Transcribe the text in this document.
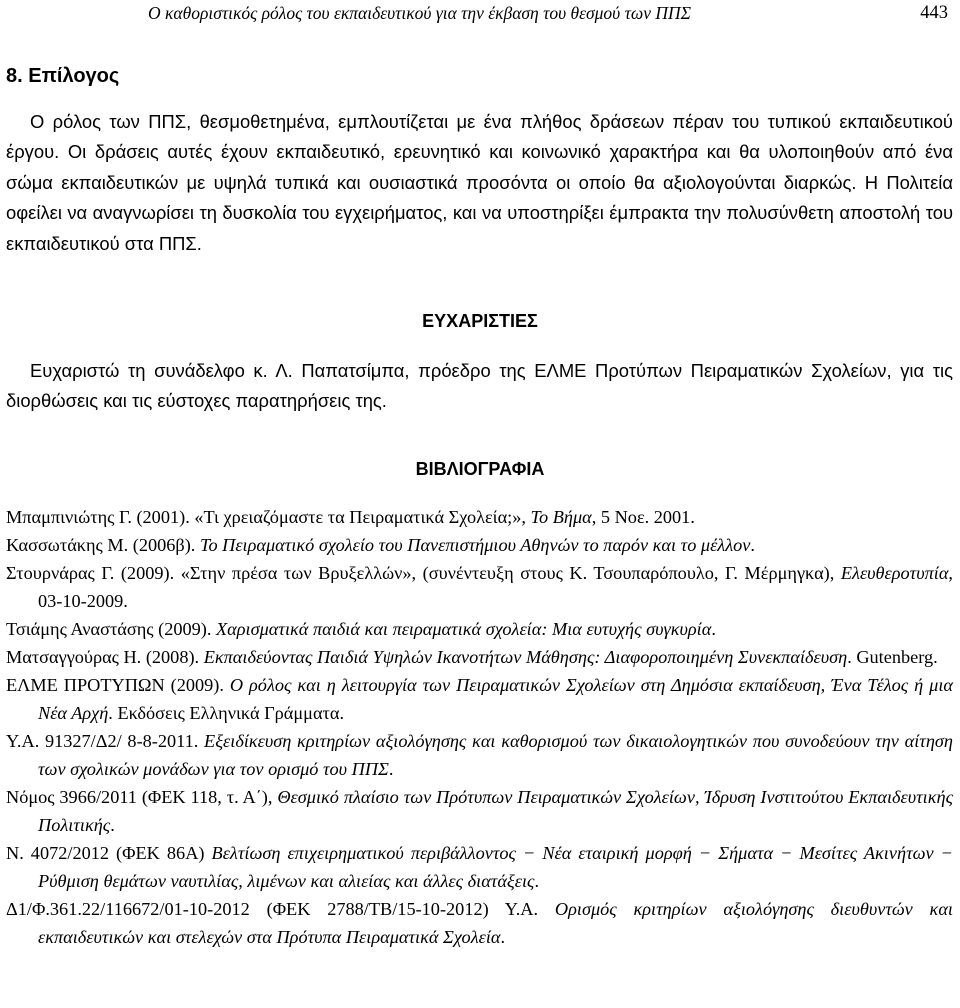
Ο καθοριστικός ρόλος του εκπαιδευτικού για την έκβαση του θεσμού των ΠΠΣ	443
8. Επίλογος
Ο ρόλος των ΠΠΣ, θεσμοθετημένα, εμπλουτίζεται με ένα πλήθος δράσεων πέραν του τυπικού εκπαιδευτικού έργου. Οι δράσεις αυτές έχουν εκπαιδευτικό, ερευνητικό και κοινωνικό χαρακτήρα και θα υλοποιηθούν από ένα σώμα εκπαιδευτικών με υψηλά τυπικά και ουσιαστικά προσόντα οι οποίο θα αξιολογούνται διαρκώς. Η Πολιτεία οφείλει να αναγνωρίσει τη δυσκολία του εγχειρήματος, και να υποστηρίξει έμπρακτα την πολυσύνθετη αποστολή του εκπαιδευτικού στα ΠΠΣ.
ΕΥΧΑΡΙΣΤΙΕΣ
Ευχαριστώ τη συνάδελφο κ. Λ. Παπατσίμπα, πρόεδρο της ΕΛΜΕ Προτύπων Πειραματικών Σχολείων, για τις διορθώσεις και τις εύστοχες παρατηρήσεις της.
ΒΙΒΛΙΟΓΡΑΦΙΑ
Μπαμπινιώτης Γ. (2001). «Τι χρειαζόμαστε τα Πειραματικά Σχολεία;», Το Βήμα, 5 Νοε. 2001.
Κασσωτάκης Μ. (2006β). Το Πειραματικό σχολείο του Πανεπιστήμιου Αθηνών το παρόν και το μέλλον.
Στουρνάρας Γ. (2009). «Στην πρέσα των Βρυξελλών», (συνέντευξη στους Κ. Τσουπαρόπουλο, Γ. Μέρμηγκα), Ελευθεροτυπία, 03-10-2009.
Τσιάμης Αναστάσης (2009). Χαρισματικά παιδιά και πειραματικά σχολεία: Μια ευτυχής συγκυρία.
Ματσαγγούρας Η. (2008). Εκπαιδεύοντας Παιδιά Υψηλών Ικανοτήτων Μάθησης: Διαφοροποιημένη Συνεκπαίδευση. Gutenberg.
ΕΛΜΕ ΠΡΟΤΥΠΩΝ (2009). Ο ρόλος και η λειτουργία των Πειραματικών Σχολείων στη Δημόσια εκπαίδευση, Ένα Τέλος ή μια Νέα Αρχή. Εκδόσεις Ελληνικά Γράμματα.
Υ.Α. 91327/Δ2/ 8-8-2011. Εξειδίκευση κριτηρίων αξιολόγησης και καθορισμού των δικαιολογητικών που συνοδεύουν την αίτηση των σχολικών μονάδων για τον ορισμό του ΠΠΣ.
Νόμος 3966/2011 (ΦΕΚ 118, τ. Α΄), Θεσμικό πλαίσιο των Πρότυπων Πειραματικών Σχολείων, Ίδρυση Ινστιτούτου Εκπαιδευτικής Πολιτικής.
Ν. 4072/2012 (ΦΕΚ 86Α) Βελτίωση επιχειρηματικού περιβάλλοντος − Νέα εταιρική μορφή − Σήματα − Μεσίτες Ακινήτων − Ρύθμιση θεμάτων ναυτιλίας, λιμένων και αλιείας και άλλες διατάξεις.
Δ1/Φ.361.22/116672/01-10-2012 (ΦΕΚ 2788/ΤΒ/15-10-2012) Υ.Α. Ορισμός κριτηρίων αξιολόγησης διευθυντών και εκπαιδευτικών και στελεχών στα Πρότυπα Πειραματικά Σχολεία.
